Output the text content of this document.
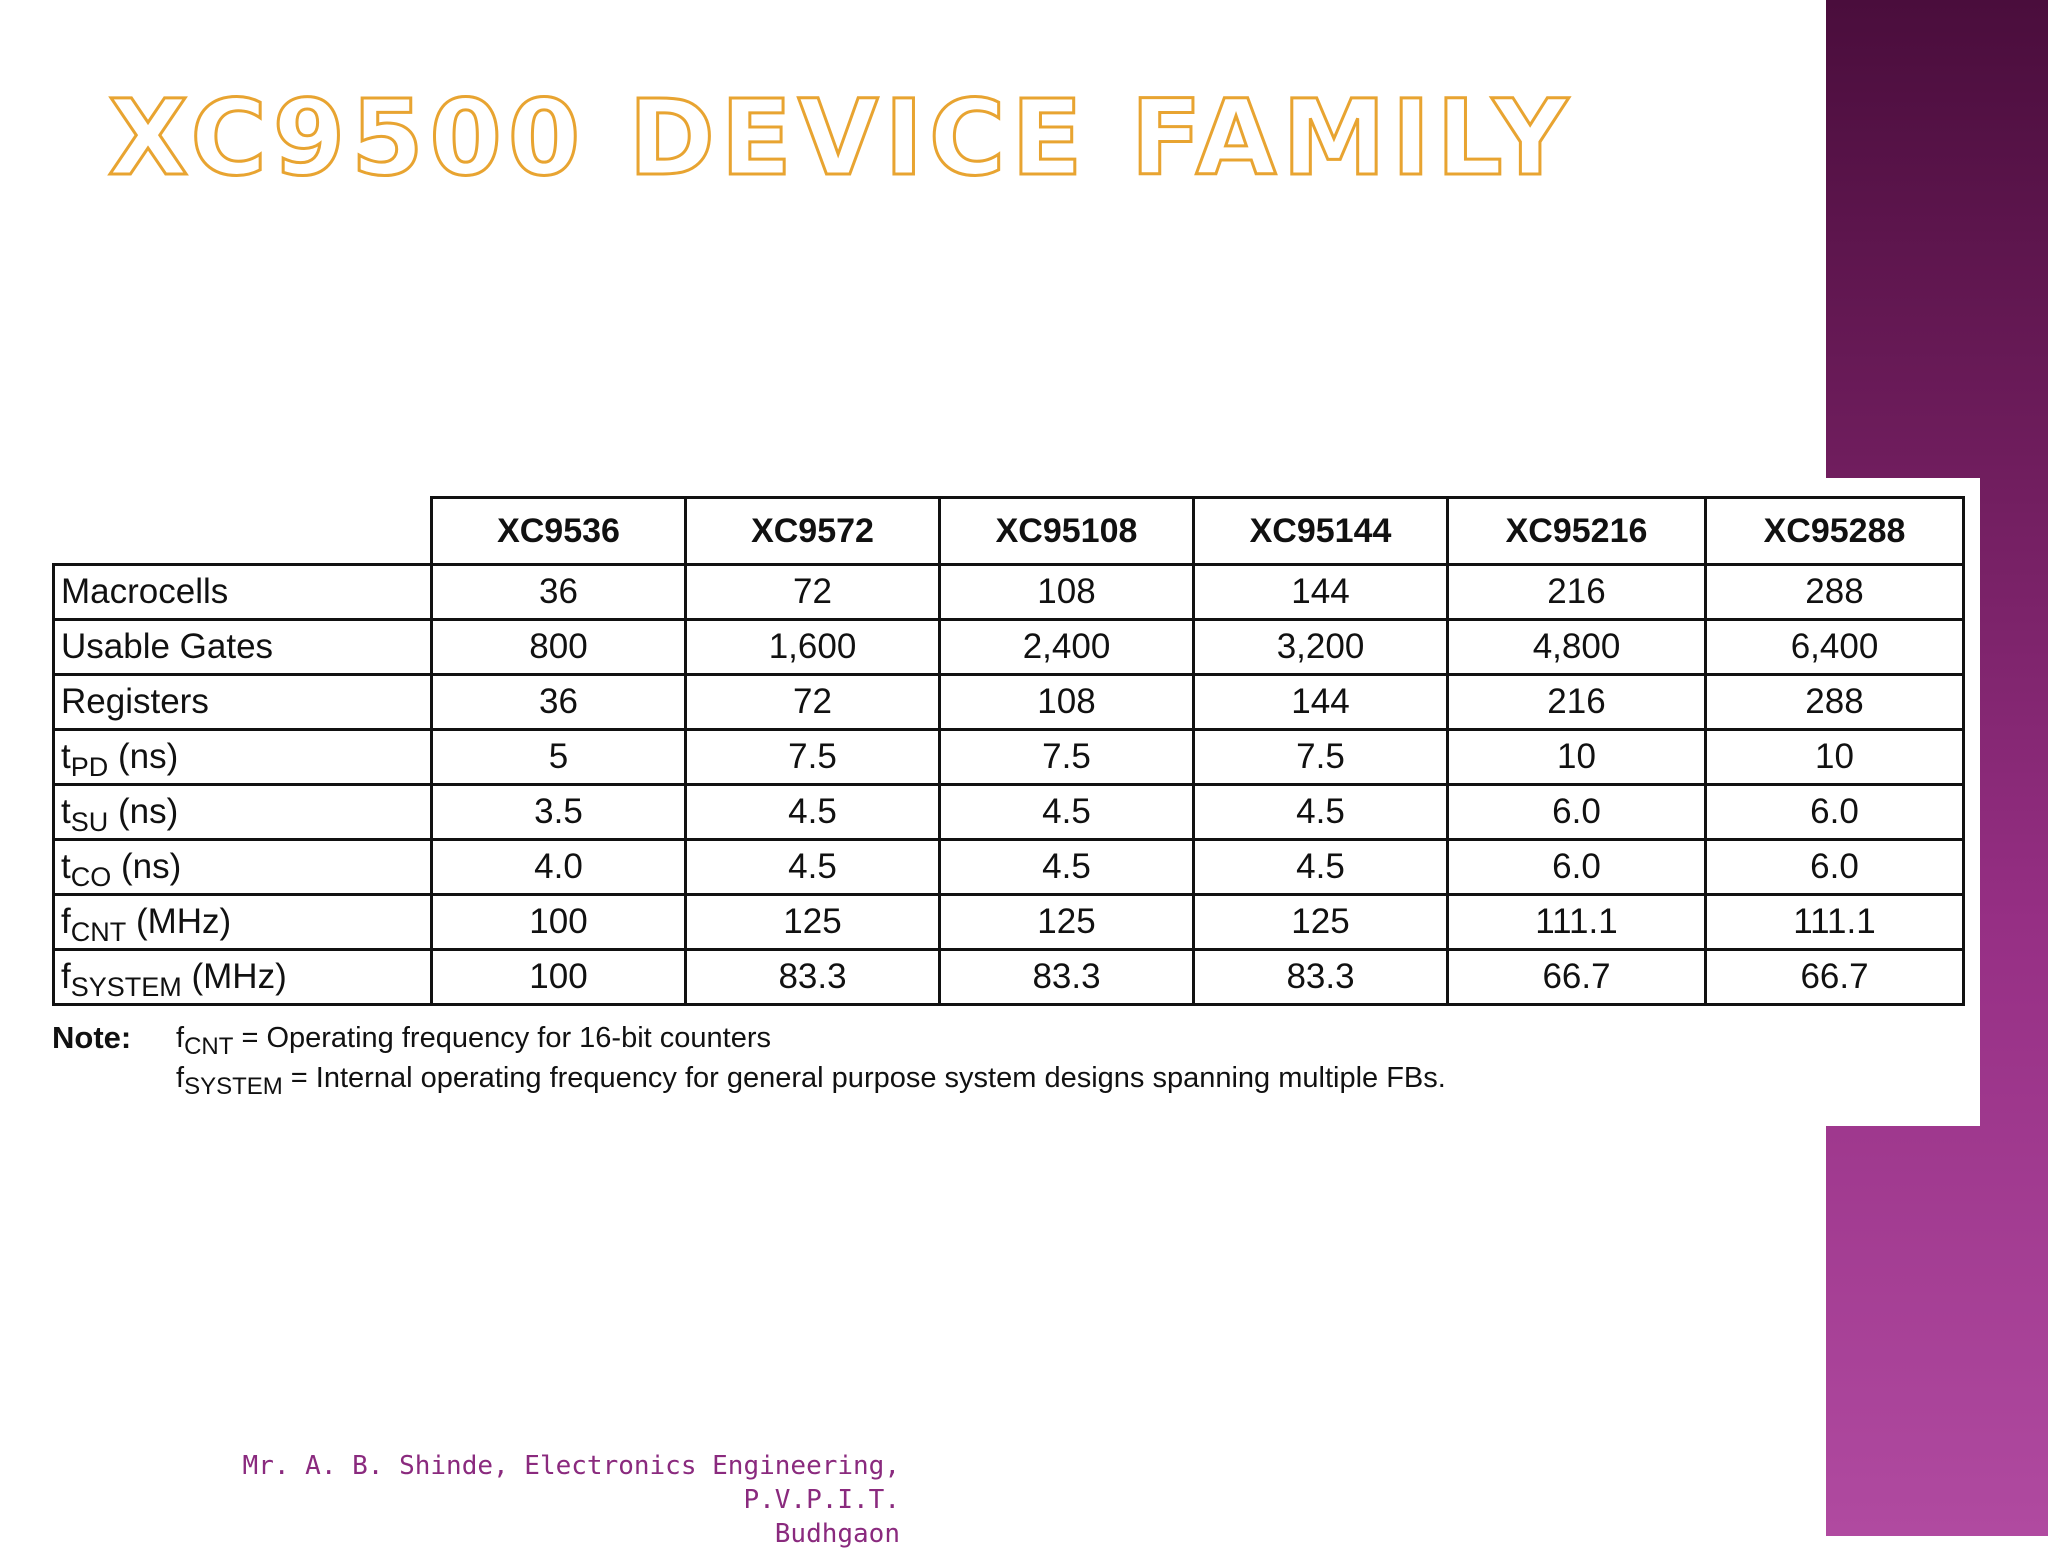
XC9500 DEVICE FAMILY
	XC9536	XC9572	XC95108	XC95144	XC95216	XC95288
Macrocells	36	72	108	144	216	288
Usable Gates	800	1,600	2,400	3,200	4,800	6,400
Registers	36	72	108	144	216	288
$t_{PD}$ (ns)	5	7.5	7.5	7.5	10	10
$t_{SU}$ (ns)	3.5	4.5	4.5	4.5	6.0	6.0
$t_{CO}$ (ns)	4.0	4.5	4.5	4.5	6.0	6.0
$f_{CNT}$ (MHz)	100	125	125	125	111.1	111.1
$f_{SYSTEM}$ (MHz)	100	83.3	83.3	83.3	66.7	66.7
Note: $f_{CNT}$ = Operating frequency for 16-bit counters
$f_{SYSTEM}$ = Internal operating frequency for general purpose system designs spanning multiple FBs.
Mr. A. B. Shinde, Electronics Engineering, P.V.P.I.T.
Budhgaon
